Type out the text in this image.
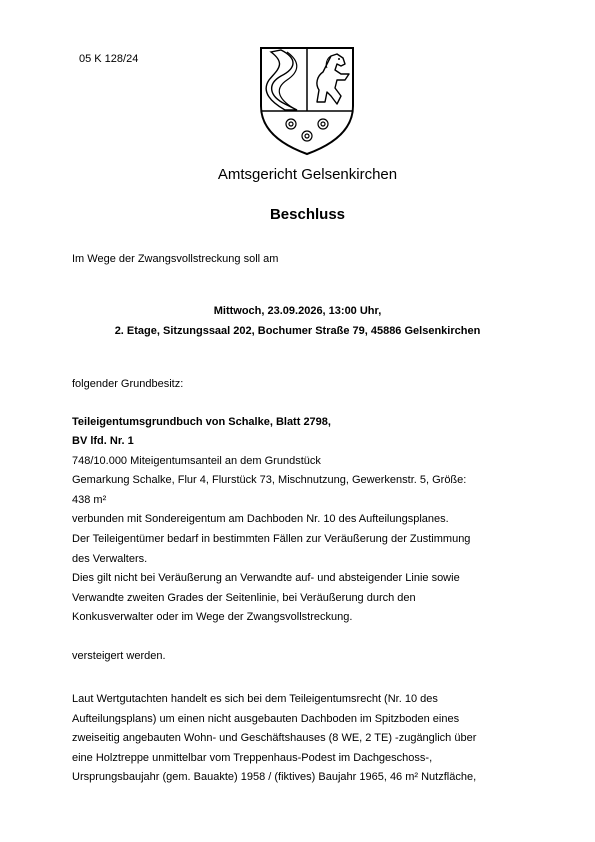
05 K 128/24
Amtsgericht Gelsenkirchen
Beschluss
Im Wege der Zwangsvollstreckung soll am
Mittwoch, 23.09.2026, 13:00 Uhr,
2. Etage, Sitzungssaal 202, Bochumer Straße 79, 45886 Gelsenkirchen
folgender Grundbesitz:
Teileigentumsgrundbuch von Schalke, Blatt 2798,
BV lfd. Nr. 1
748/10.000 Miteigentumsanteil an dem Grundstück
Gemarkung Schalke, Flur 4, Flurstück 73, Mischnutzung, Gewerkenstr. 5, Größe:
438 m²
verbunden mit Sondereigentum am Dachboden Nr. 10 des Aufteilungsplanes.
Der Teileigentümer bedarf in bestimmten Fällen zur Veräußerung der Zustimmung
des Verwalters.
Dies gilt nicht bei Veräußerung an Verwandte auf- und absteigender Linie sowie
Verwandte zweiten Grades der Seitenlinie, bei Veräußerung durch den
Konkusverwalter oder im Wege der Zwangsvollstreckung.
versteigert werden.
Laut Wertgutachten handelt es sich bei dem Teileigentumsrecht (Nr. 10 des
Aufteilungsplans) um einen nicht ausgebauten Dachboden im Spitzboden eines
zweiseitig angebauten Wohn- und Geschäftshauses (8 WE, 2 TE) -zugänglich über
eine Holztreppe unmittelbar vom Treppenhaus-Podest im Dachgeschoss-,
Ursprungsbaujahr (gem. Bauakte) 1958 / (fiktives) Baujahr 1965, 46 m² Nutzfläche,
